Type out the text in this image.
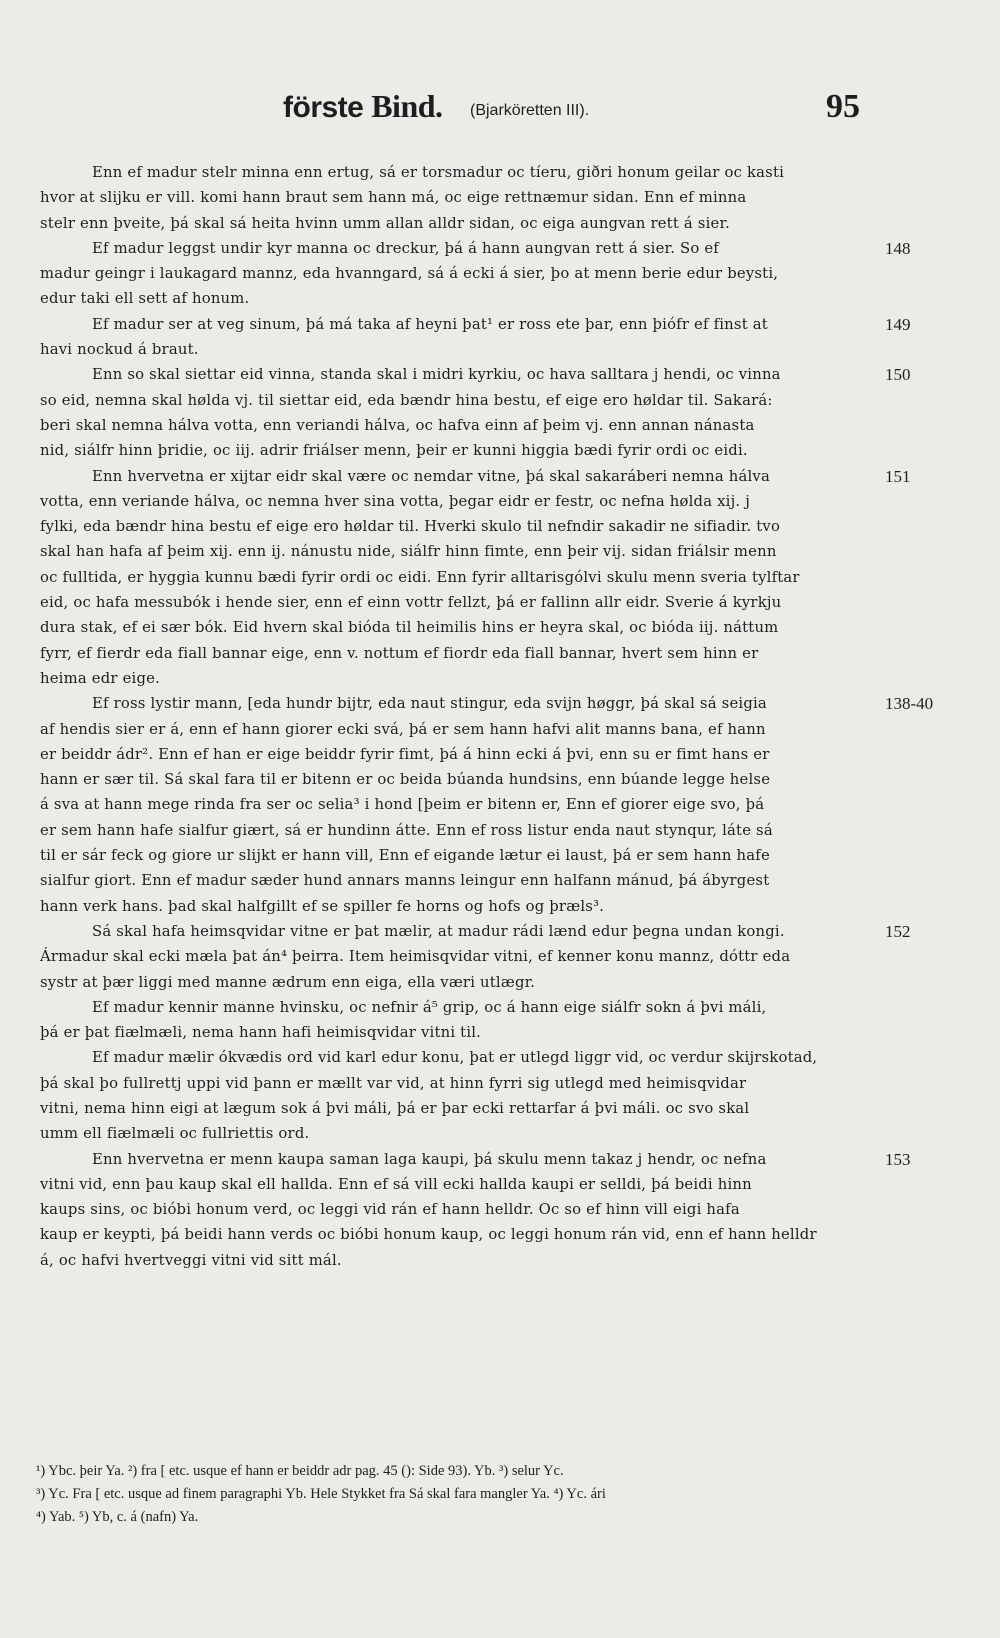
förste Bind. (Bjarköretten III).	95
Enn ef madur stelr minna enn ertug, sá er torsmadur oc tíeru, giðri honum geilar oc kasti
hvor at slijku er vill. komi hann braut sem hann má, oc eige rettnæmur sidan. Enn ef minna
stelr enn þveite, þá skal sá heita hvinn umm allan alldr sidan, oc eiga aungvan rett á sier.
Ef madur leggst undir kyr manna oc dreckur, þá á hann aungvan rett á sier. So ef
madur geingr i laukagard mannz, eda hvanngard, sá á ecki á sier, þo at menn berie edur beysti,
edur taki ell sett af honum.
Ef madur ser at veg sinum, þá má taka af heyni þat¹ er ross ete þar, enn þiófr ef finst at
havi nockud á braut.
Enn so skal siettar eid vinna, standa skal i midri kyrkiu, oc hava salltara j hendi, oc vinna
so eid, nemna skal hølda vj. til siettar eid, eda bændr hina bestu, ef eige ero høldar til. Sakará:
beri skal nemna hálva votta, enn veriandi hálva, oc hafva einn af þeim vj. enn annan nánasta
nid, siálfr hinn þridie, oc iij. adrir friálser menn, þeir er kunni higgia bædi fyrir ordi oc eidi.
Enn hvervetna er xijtar eidr skal være oc nemdar vitne, þá skal sakaráberi nemna hálva
votta, enn veriande hálva, oc nemna hver sina votta, þegar eidr er festr, oc nefna hølda xij. j
fylki, eda bændr hina bestu ef eige ero høldar til. Hverki skulo til nefndir sakadir ne sifiadir. tvo
skal han hafa af þeim xij. enn ij. nánustu nide, siálfr hinn fimte, enn þeir vij. sidan friálsir menn
oc fulltida, er hyggia kunnu bædi fyrir ordi oc eidi. Enn fyrir alltarisgólvi skulu menn sveria tylftar
eid, oc hafa messubók i hende sier, enn ef einn vottr fellzt, þá er fallinn allr eidr. Sverie á kyrkju
dura stak, ef ei sær bók. Eid hvern skal bióda til heimilis hins er heyra skal, oc bióda iij. náttum
fyrr, ef fierdr eda fiall bannar eige, enn v. nottum ef fiordr eda fiall bannar, hvert sem hinn er
heima edr eige.
Ef ross lystir mann, [eda hundr bijtr, eda naut stingur, eda svijn høggr, þá skal sá seigia
af hendis sier er á, enn ef hann giorer ecki svá, þá er sem hann hafvi alit manns bana, ef hann
er beiddr ádr². Enn ef han er eige beiddr fyrir fimt, þá á hinn ecki á þvi, enn su er fimt hans er
hann er sær til. Sá skal fara til er bitenn er oc beida búanda hundsins, enn búande legge helse
á sva at hann mege rinda fra ser oc selia³ i hond [þeim er bitenn er, Enn ef giorer eige svo, þá
er sem hann hafe sialfur giært, sá er hundinn átte. Enn ef ross listur enda naut stynqur, láte sá
til er sár feck og giore ur slijkt er hann vill, Enn ef eigande lætur ei laust, þá er sem hann hafe
sialfur giort. Enn ef madur sæder hund annars manns leingur enn halfann mánud, þá ábyrgest
hann verk hans. þad skal halfgillt ef se spiller fe horns og hofs og þræls³.
Sá skal hafa heimsqvidar vitne er þat mælir, at madur rádi lænd edur þegna undan kongi.
Ármadur skal ecki mæla þat án⁴ þeirra. Item heimisqvidar vitni, ef kenner konu mannz, dóttr eda
systr at þær liggi med manne ædrum enn eiga, ella væri utlægr.
Ef madur kennir manne hvinsku, oc nefnir á⁵ grip, oc á hann eige siálfr sokn á þvi máli,
þá er þat fiælmæli, nema hann hafi heimisqvidar vitni til.
Ef madur mælir ókvædis ord vid karl edur konu, þat er utlegd liggr vid, oc verdur skijrskotad,
þá skal þo fullrettj uppi vid þann er mællt var vid, at hinn fyrri sig utlegd med heimisqvidar
vitni, nema hinn eigi at lægum sok á þvi máli, þá er þar ecki rettarfar á þvi máli. oc svo skal
umm ell fiælmæli oc fullriettis ord.
Enn hvervetna er menn kaupa saman laga kaupi, þá skulu menn takaz j hendr, oc nefna
vitni vid, enn þau kaup skal ell hallda. Enn ef sá vill ecki hallda kaupi er selldi, þá beidi hinn
kaups sins, oc bióbi honum verd, oc leggi vid rán ef hann helldr. Oc so ef hinn vill eigi hafa
kaup er keypti, þá beidi hann verds oc bióbi honum kaup, oc leggi honum rán vid, enn ef hann helldr
á, oc hafvi hvertveggi vitni vid sitt mál.
148
149
150
151
138-40
152
153
¹) Ybc. þeir Ya. ²) fra [ etc. usque ef hann er beiddr adr pag. 45 (): Side 93). Yb. ³) selur Yc.
³) Yc. Fra [ etc. usque ad finem paragraphi Yb. Hele Stykket fra Sá skal fara mangler Ya. ⁴) Yc. ári
⁴) Yab. ⁵) Yb, c. á (nafn) Ya.
